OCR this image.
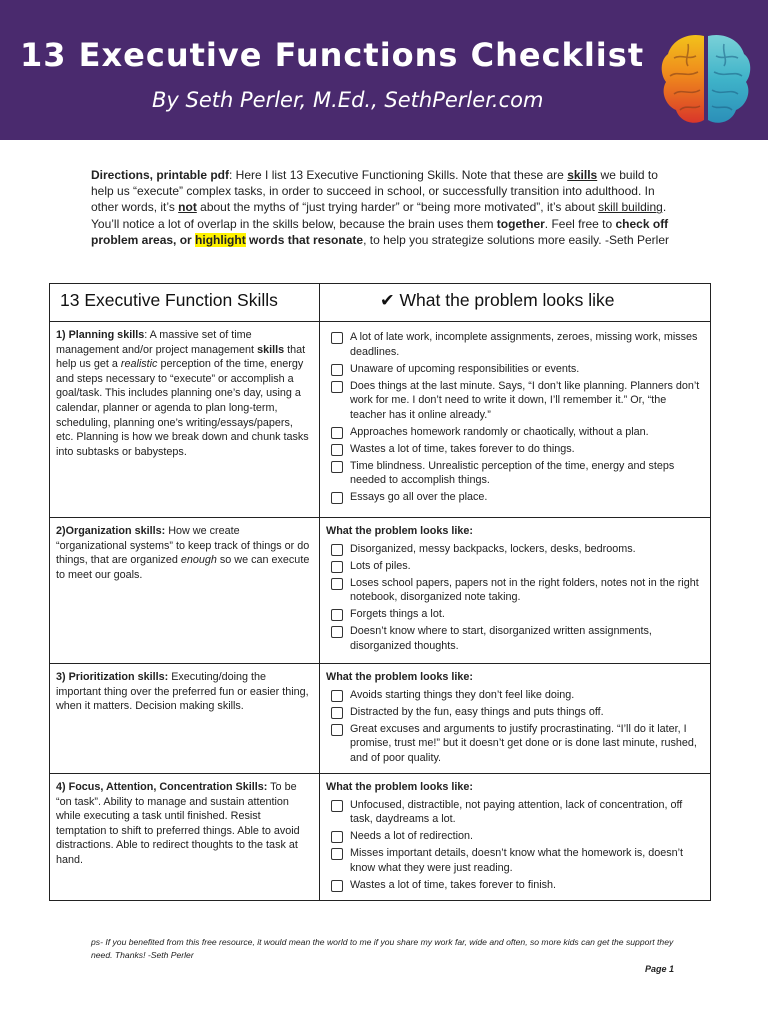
13 Executive Functions Checklist
By Seth Perler, M.Ed., SethPerler.com
Directions, printable pdf: Here I list 13 Executive Functioning Skills. Note that these are skills we build to help us “execute” complex tasks, in order to succeed in school, or successfully transition into adulthood. In other words, it’s not about the myths of “just trying harder” or “being more motivated”, it’s about skill building. You’ll notice a lot of overlap in the skills below, because the brain uses them together. Feel free to check off problem areas, or highlight words that resonate, to help you strategize solutions more easily. -Seth Perler
13 Executive Function Skills	✔ What the problem looks like
1) Planning skills: A massive set of time management and/or project management skills that help us get a realistic perception of the time, energy and steps necessary to “execute” or accomplish a goal/task. This includes planning one’s day, using a calendar, planner or agenda to plan long-term, scheduling, planning one’s writing/essays/papers, etc. Planning is how we break down and chunk tasks into subtasks or babysteps.
A lot of late work, incomplete assignments, zeroes, missing work, misses deadlines.
Unaware of upcoming responsibilities or events.
Does things at the last minute. Says, “I don’t like planning. Planners don’t work for me. I don’t need to write it down, I’ll remember it.” Or, “the teacher has it online already.”
Approaches homework randomly or chaotically, without a plan.
Wastes a lot of time, takes forever to do things.
Time blindness. Unrealistic perception of the time, energy and steps needed to accomplish things.
Essays go all over the place.
2)Organization skills: How we create “organizational systems” to keep track of things or do things, that are organized enough so we can execute to meet our goals.
What the problem looks like:
Disorganized, messy backpacks, lockers, desks, bedrooms.
Lots of piles.
Loses school papers, papers not in the right folders, notes not in the right notebook, disorganized note taking.
Forgets things a lot.
Doesn’t know where to start, disorganized written assignments, disorganized thoughts.
3) Prioritization skills: Executing/doing the important thing over the preferred fun or easier thing, when it matters. Decision making skills.
What the problem looks like:
Avoids starting things they don’t feel like doing.
Distracted by the fun, easy things and puts things off.
Great excuses and arguments to justify procrastinating. “I’ll do it later, I promise, trust me!” but it doesn’t get done or is done last minute, rushed, and of poor quality.
4) Focus, Attention, Concentration Skills: To be “on task”. Ability to manage and sustain attention while executing a task until finished. Resist temptation to shift to preferred things. Able to avoid distractions. Able to redirect thoughts to the task at hand.
What the problem looks like:
Unfocused, distractible, not paying attention, lack of concentration, off task, daydreams a lot.
Needs a lot of redirection.
Misses important details, doesn’t know what the homework is, doesn’t know what they were just reading.
Wastes a lot of time, takes forever to finish.
ps- If you benefited from this free resource, it would mean the world to me if you share my work far, wide and often, so more kids can get the support they need. Thanks! -Seth Perler
Page 1
